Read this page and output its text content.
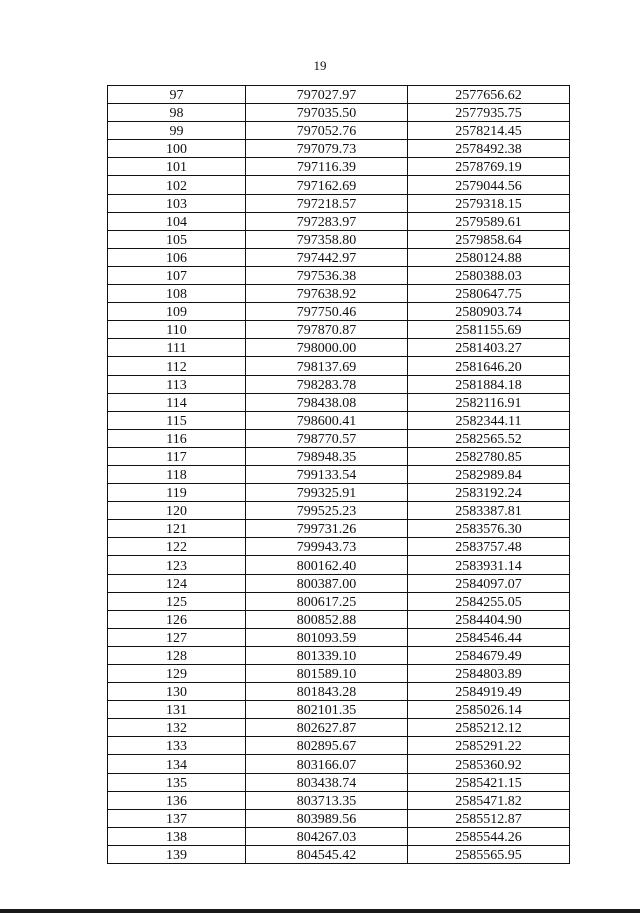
19
97	797027.97	2577656.62
98	797035.50	2577935.75
99	797052.76	2578214.45
100	797079.73	2578492.38
101	797116.39	2578769.19
102	797162.69	2579044.56
103	797218.57	2579318.15
104	797283.97	2579589.61
105	797358.80	2579858.64
106	797442.97	2580124.88
107	797536.38	2580388.03
108	797638.92	2580647.75
109	797750.46	2580903.74
110	797870.87	2581155.69
111	798000.00	2581403.27
112	798137.69	2581646.20
113	798283.78	2581884.18
114	798438.08	2582116.91
115	798600.41	2582344.11
116	798770.57	2582565.52
117	798948.35	2582780.85
118	799133.54	2582989.84
119	799325.91	2583192.24
120	799525.23	2583387.81
121	799731.26	2583576.30
122	799943.73	2583757.48
123	800162.40	2583931.14
124	800387.00	2584097.07
125	800617.25	2584255.05
126	800852.88	2584404.90
127	801093.59	2584546.44
128	801339.10	2584679.49
129	801589.10	2584803.89
130	801843.28	2584919.49
131	802101.35	2585026.14
132	802627.87	2585212.12
133	802895.67	2585291.22
134	803166.07	2585360.92
135	803438.74	2585421.15
136	803713.35	2585471.82
137	803989.56	2585512.87
138	804267.03	2585544.26
139	804545.42	2585565.95
